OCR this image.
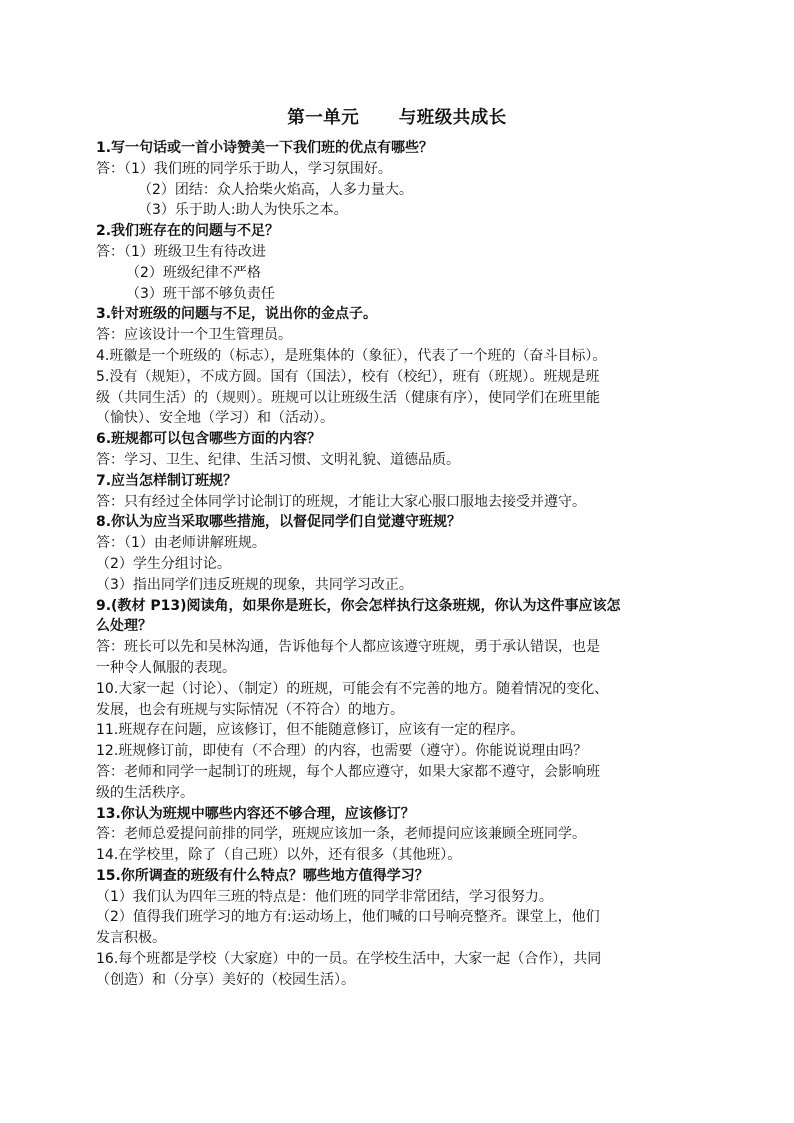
第一单元      与班级共成长
1.写一句话或一首小诗赞美一下我们班的优点有哪些？
答：（1）我们班的同学乐于助人，学习氛围好。
（2）团结：众人拾柴火焰高，人多力量大。
（3）乐于助人:助人为快乐之本。
2.我们班存在的问题与不足？
答：（1）班级卫生有待改进
（2）班级纪律不严格
（3）班干部不够负责任
3.针对班级的问题与不足，说出你的金点子。
答：应该设计一个卫生管理员。
4.班徽是一个班级的（标志），是班集体的（象征），代表了一个班的（奋斗目标）。
5.没有（规矩），不成方圆。国有（国法），校有（校纪），班有（班规）。班规是班
级（共同生活）的（规则）。班规可以让班级生活（健康有序），使同学们在班里能
（愉快）、安全地（学习）和（活动）。
6.班规都可以包含哪些方面的内容？
答：学习、卫生、纪律、生活习惯、文明礼貌、道德品质。
7.应当怎样制订班规？
答：只有经过全体同学讨论制订的班规，才能让大家心服口服地去接受并遵守。
8.你认为应当采取哪些措施，以督促同学们自觉遵守班规？
答：（1）由老师讲解班规。
（2）学生分组讨论。
（3）指出同学们违反班规的现象，共同学习改正。
9.(教材 P13)阅读角，如果你是班长，你会怎样执行这条班规，你认为这件事应该怎
么处理？
答：班长可以先和吴林沟通，告诉他每个人都应该遵守班规，勇于承认错误，也是
一种令人佩服的表现。
10.大家一起（讨论）、（制定）的班规，可能会有不完善的地方。随着情况的变化、
发展，也会有班规与实际情况（不符合）的地方。
11.班规存在问题，应该修订，但不能随意修订，应该有一定的程序。
12.班规修订前，即使有（不合理）的内容，也需要（遵守）。你能说说理由吗？
答：老师和同学一起制订的班规，每个人都应遵守，如果大家都不遵守，会影响班
级的生活秩序。
13.你认为班规中哪些内容还不够合理，应该修订？
答：老师总爱提问前排的同学，班规应该加一条，老师提问应该兼顾全班同学。
14.在学校里，除了（自己班）以外，还有很多（其他班）。
15.你所调查的班级有什么特点？哪些地方值得学习？
（1）我们认为四年三班的特点是：他们班的同学非常团结，学习很努力。
（2）值得我们班学习的地方有:运动场上，他们喊的口号响亮整齐。课堂上，他们
发言积极。
16.每个班都是学校（大家庭）中的一员。在学校生活中，大家一起（合作），共同
（创造）和（分享）美好的（校园生活）。
